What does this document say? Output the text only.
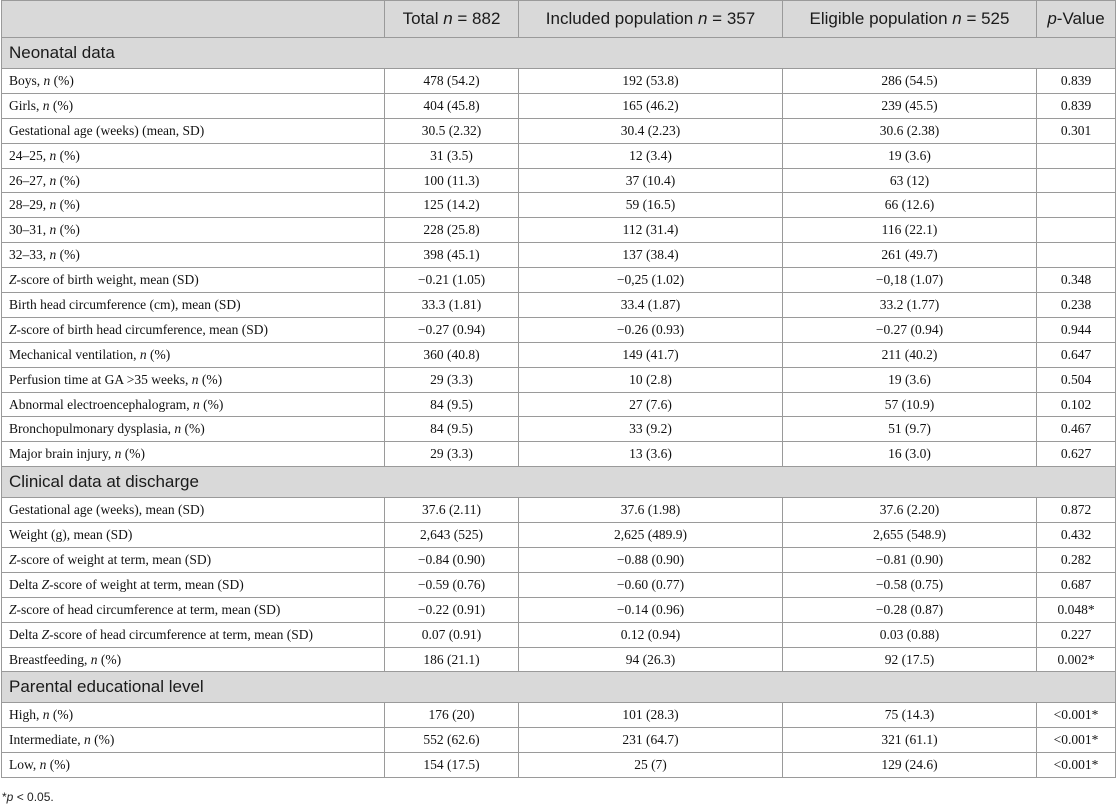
	Total n = 882	Included population n = 357	Eligible population n = 525	p-Value
Neonatal data				
Boys, n (%)	478 (54.2)	192 (53.8)	286 (54.5)	0.839
Girls, n (%)	404 (45.8)	165 (46.2)	239 (45.5)	0.839
Gestational age (weeks) (mean, SD)	30.5 (2.32)	30.4 (2.23)	30.6 (2.38)	0.301
24–25, n (%)	31 (3.5)	12 (3.4)	19 (3.6)	
26–27, n (%)	100 (11.3)	37 (10.4)	63 (12)	
28–29, n (%)	125 (14.2)	59 (16.5)	66 (12.6)	
30–31, n (%)	228 (25.8)	112 (31.4)	116 (22.1)	
32–33, n (%)	398 (45.1)	137 (38.4)	261 (49.7)	
Z-score of birth weight, mean (SD)	−0.21 (1.05)	−0,25 (1.02)	−0,18 (1.07)	0.348
Birth head circumference (cm), mean (SD)	33.3 (1.81)	33.4 (1.87)	33.2 (1.77)	0.238
Z-score of birth head circumference, mean (SD)	−0.27 (0.94)	−0.26 (0.93)	−0.27 (0.94)	0.944
Mechanical ventilation, n (%)	360 (40.8)	149 (41.7)	211 (40.2)	0.647
Perfusion time at GA >35 weeks, n (%)	29 (3.3)	10 (2.8)	19 (3.6)	0.504
Abnormal electroencephalogram, n (%)	84 (9.5)	27 (7.6)	57 (10.9)	0.102
Bronchopulmonary dysplasia, n (%)	84 (9.5)	33 (9.2)	51 (9.7)	0.467
Major brain injury, n (%)	29 (3.3)	13 (3.6)	16 (3.0)	0.627
Clinical data at discharge				
Gestational age (weeks), mean (SD)	37.6 (2.11)	37.6 (1.98)	37.6 (2.20)	0.872
Weight (g), mean (SD)	2,643 (525)	2,625 (489.9)	2,655 (548.9)	0.432
Z-score of weight at term, mean (SD)	−0.84 (0.90)	−0.88 (0.90)	−0.81 (0.90)	0.282
Delta Z-score of weight at term, mean (SD)	−0.59 (0.76)	−0.60 (0.77)	−0.58 (0.75)	0.687
Z-score of head circumference at term, mean (SD)	−0.22 (0.91)	−0.14 (0.96)	−0.28 (0.87)	0.048*
Delta Z-score of head circumference at term, mean (SD)	0.07 (0.91)	0.12 (0.94)	0.03 (0.88)	0.227
Breastfeeding, n (%)	186 (21.1)	94 (26.3)	92 (17.5)	0.002*
Parental educational level				
High, n (%)	176 (20)	101 (28.3)	75 (14.3)	<0.001*
Intermediate, n (%)	552 (62.6)	231 (64.7)	321 (61.1)	<0.001*
Low, n (%)	154 (17.5)	25 (7)	129 (24.6)	<0.001*
*p < 0.05.
